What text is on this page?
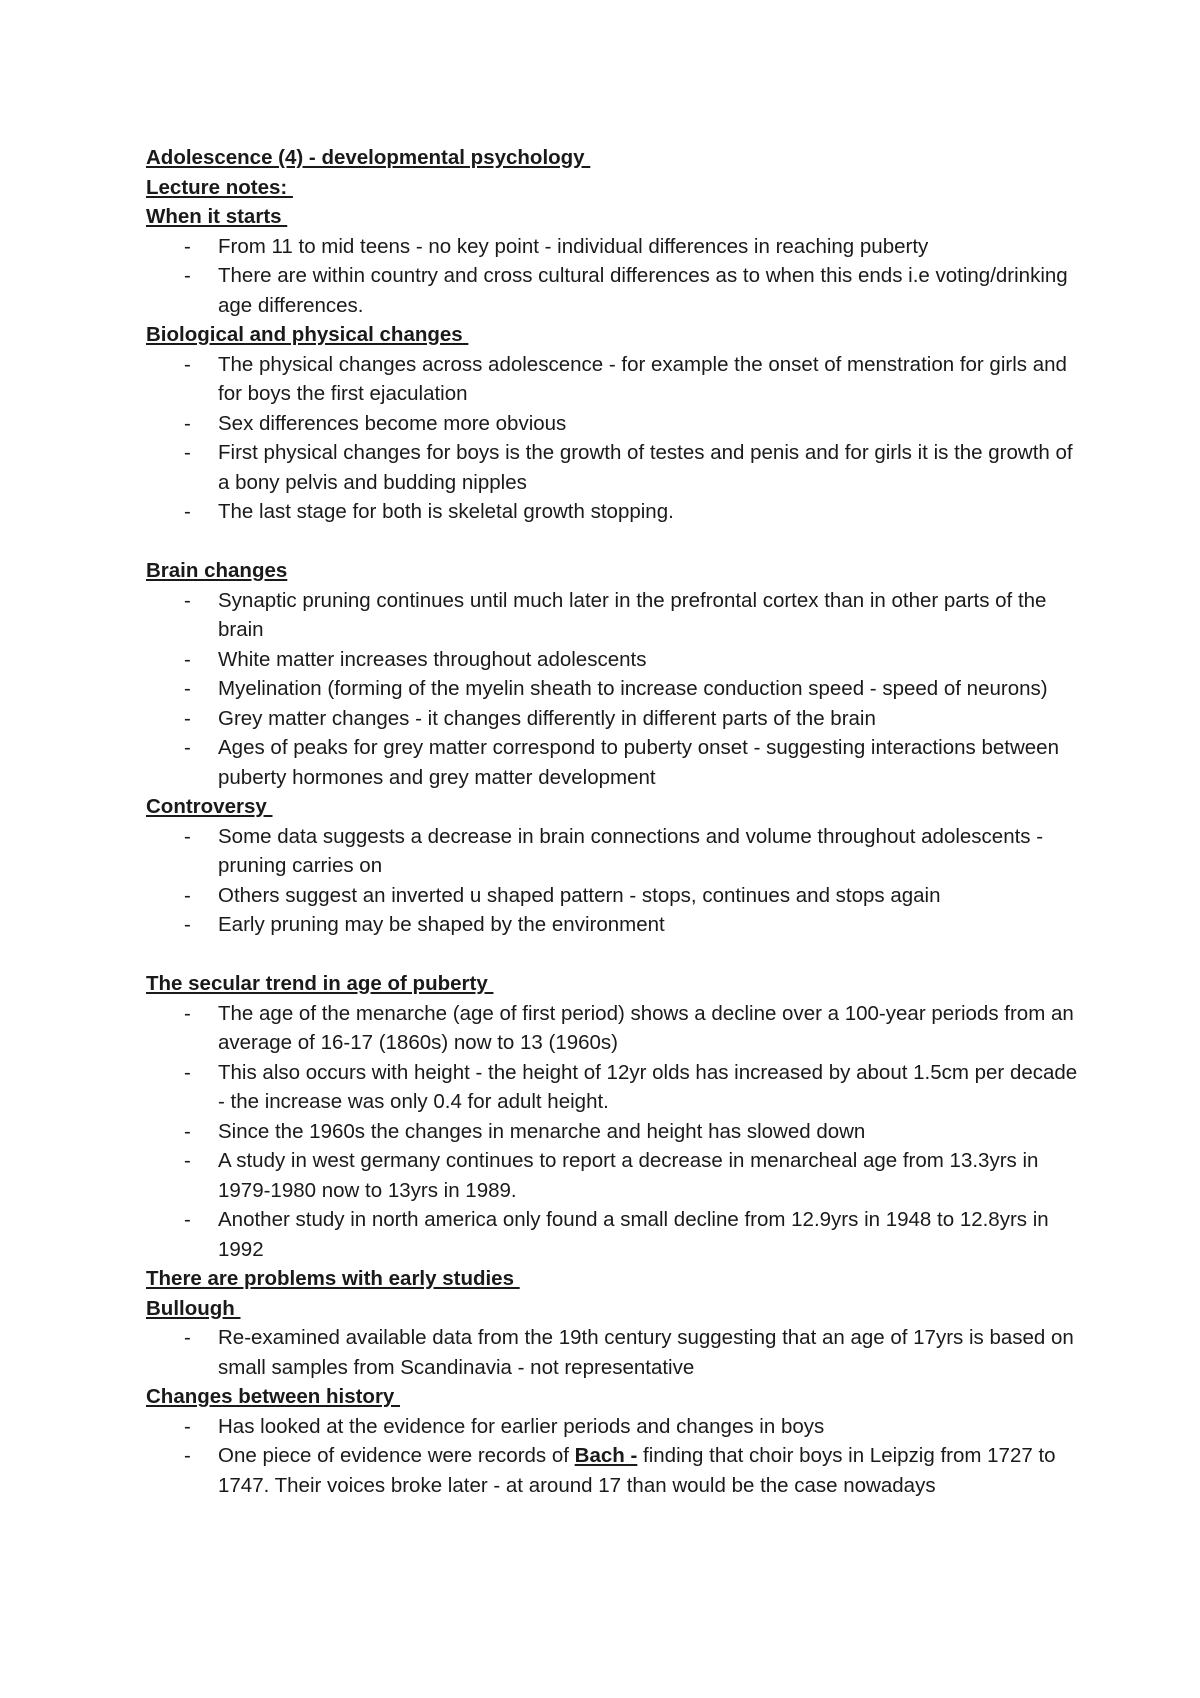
Adolescence (4) - developmental psychology

Lecture notes:

When it starts

- From 11 to mid teens - no key point - individual differences in reaching puberty
- There are within country and cross cultural differences as to when this ends i.e voting/drinking age differences.

Biological and physical changes

- The physical changes across adolescence - for example the onset of menstration for girls and for boys the first ejaculation
- Sex differences become more obvious
- First physical changes for boys is the growth of testes and penis and for girls it is the growth of a bony pelvis and budding nipples
- The last stage for both is skeletal growth stopping.

Brain changes

- Synaptic pruning continues until much later in the prefrontal cortex than in other parts of the brain
- White matter increases throughout adolescents
- Myelination (forming of the myelin sheath to increase conduction speed - speed of neurons)
- Grey matter changes - it changes differently in different parts of the brain
- Ages of peaks for grey matter correspond to puberty onset - suggesting interactions between puberty hormones and grey matter development

Controversy

- Some data suggests a decrease in brain connections and volume throughout adolescents - pruning carries on
- Others suggest an inverted u shaped pattern - stops, continues and stops again
- Early pruning may be shaped by the environment

The secular trend in age of puberty

- The age of the menarche (age of first period) shows a decline over a 100-year periods from an average of 16-17 (1860s) now to 13 (1960s)
- This also occurs with height - the height of 12yr olds has increased by about 1.5cm per decade - the increase was only 0.4 for adult height.
- Since the 1960s the changes in menarche and height has slowed down
- A study in west germany continues to report a decrease in menarcheal age from 13.3yrs in 1979-1980 now to 13yrs in 1989.
- Another study in north america only found a small decline from 12.9yrs in 1948 to 12.8yrs in 1992

There are problems with early studies

Bullough

- Re-examined available data from the 19th century suggesting that an age of 17yrs is based on small samples from Scandinavia - not representative

Changes between history

- Has looked at the evidence for earlier periods and changes in boys
- One piece of evidence were records of Bach - finding that choir boys in Leipzig from 1727 to 1747. Their voices broke later - at around 17 than would be the case nowadays
